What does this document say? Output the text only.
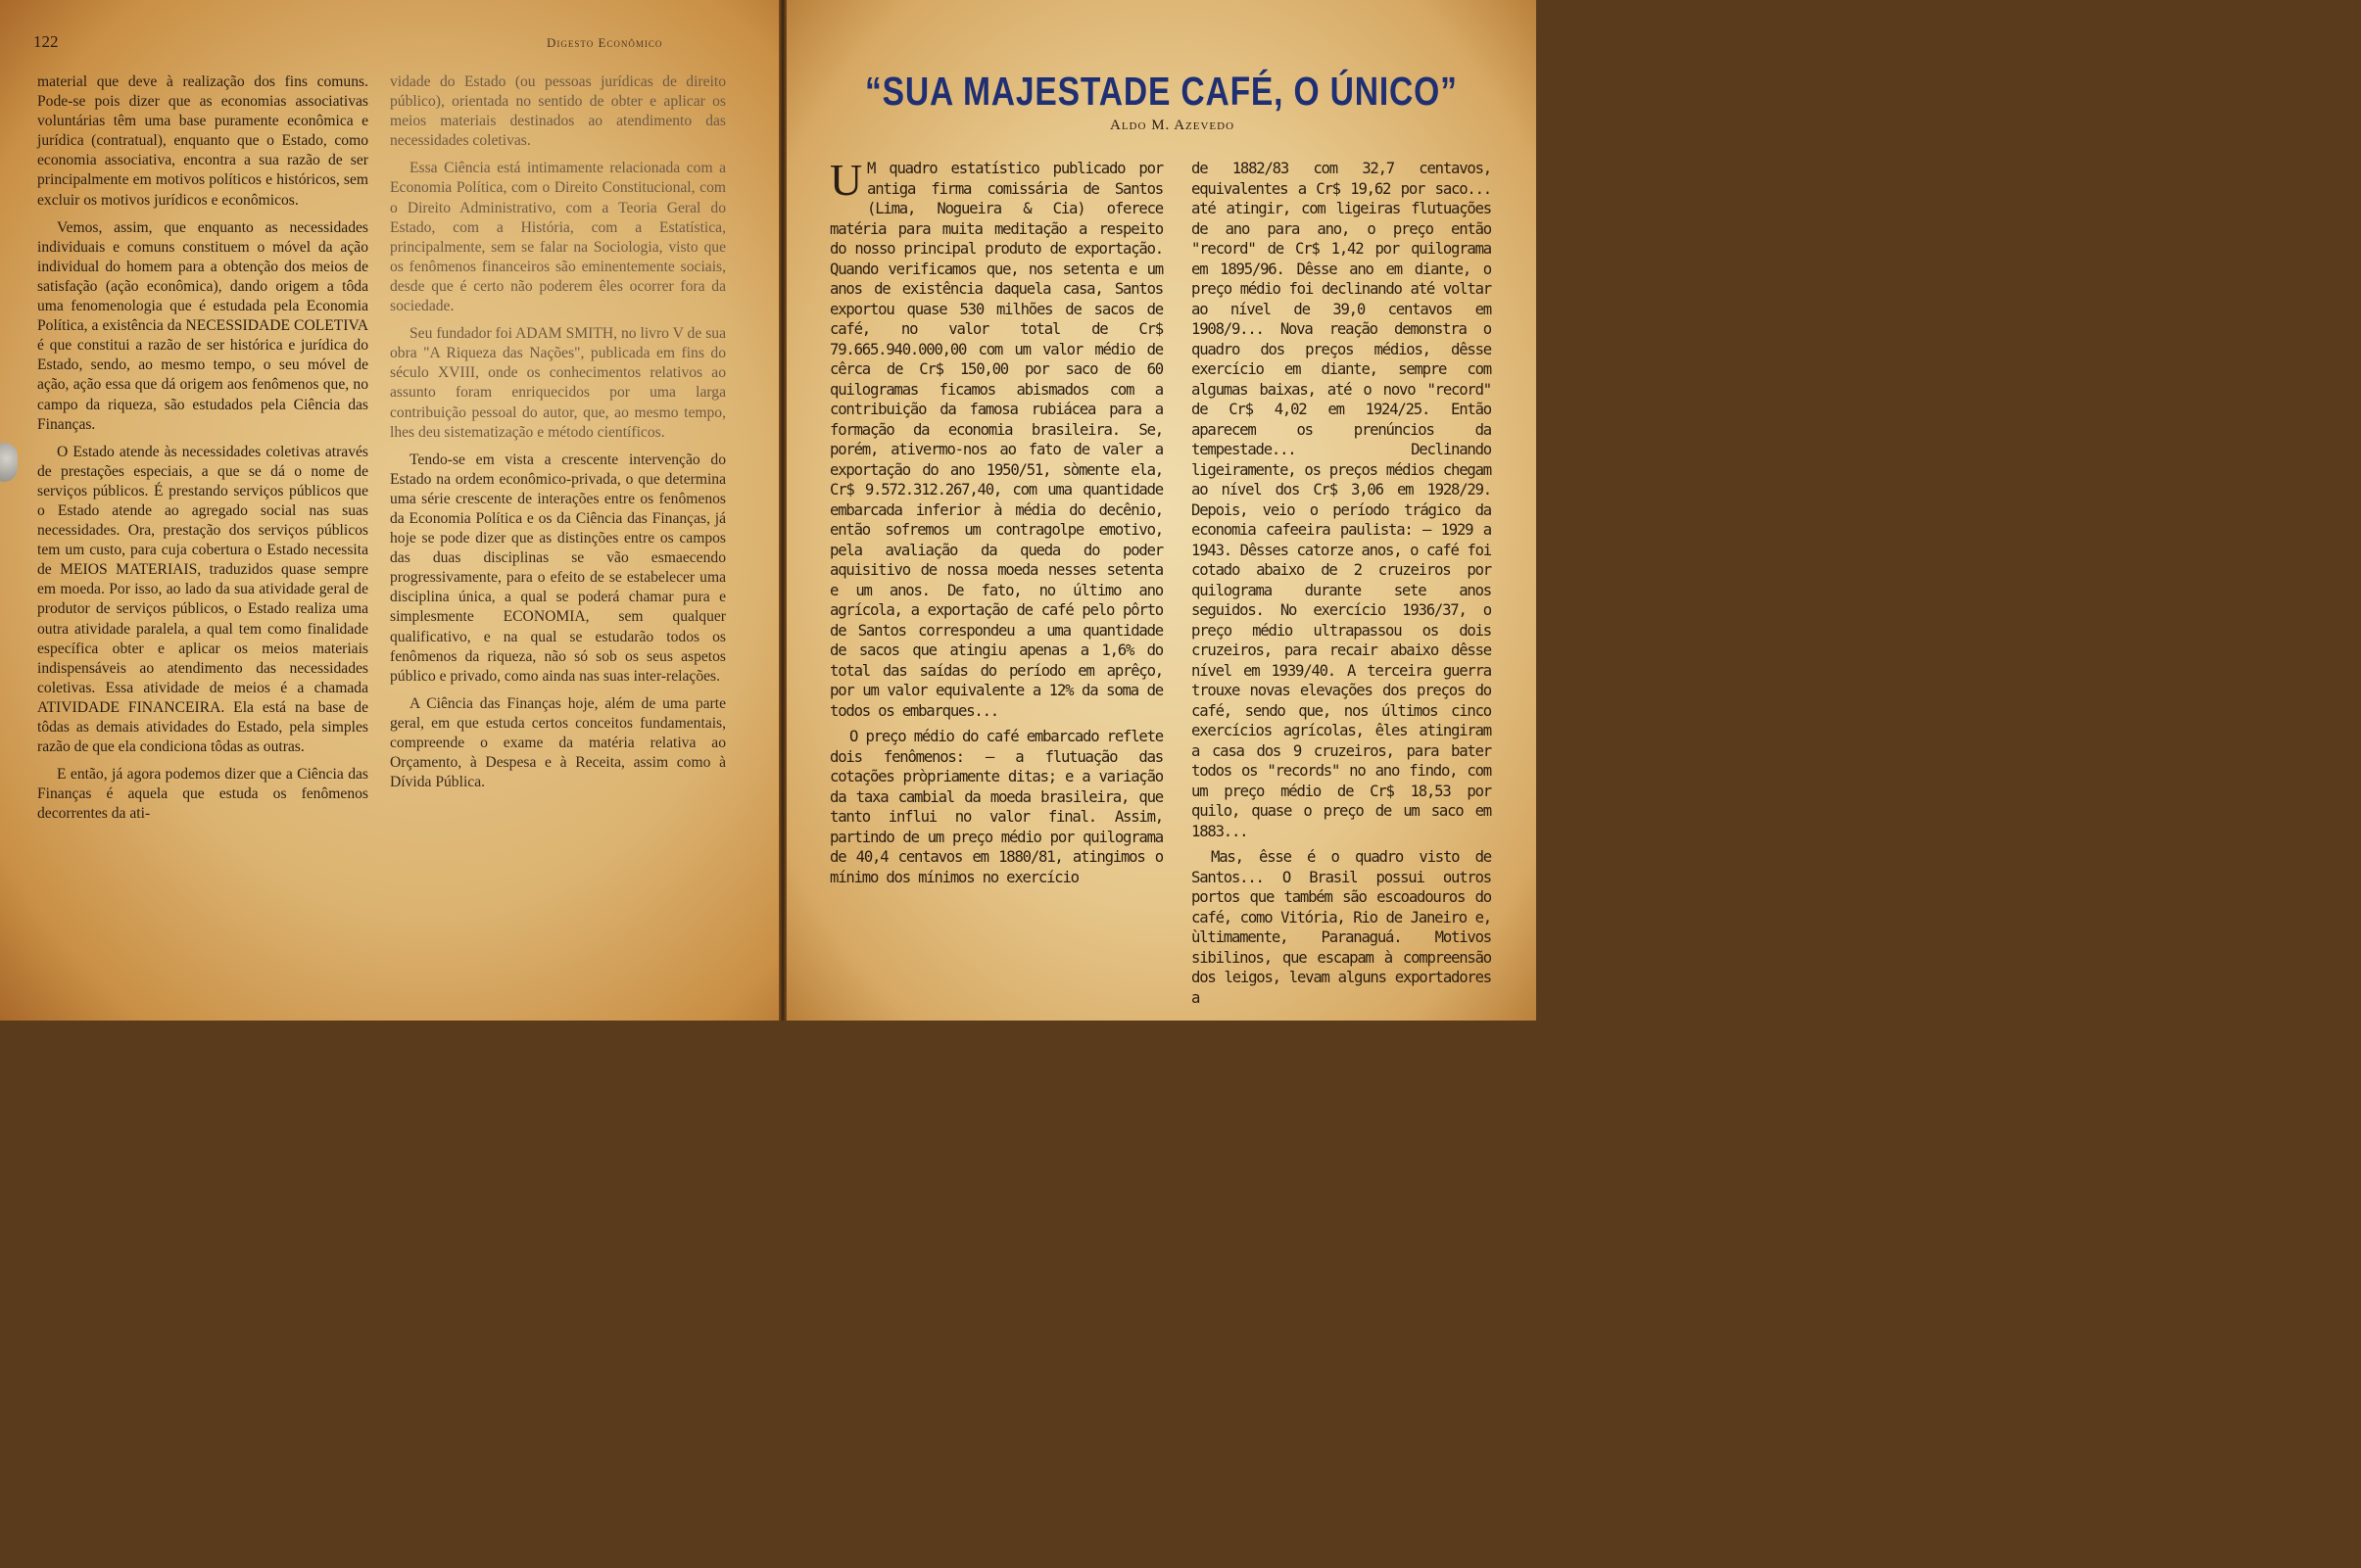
122	Digesto Econômico

material que deve à realização dos fins comuns. Pode-se pois dizer que as economias associativas voluntárias têm uma base puramente econômica e jurídica (contratual), enquanto que o Estado, como economia associativa, encontra a sua razão de ser principalmente em motivos políticos e históricos, sem excluir os motivos jurídicos e econômicos.

Vemos, assim, que enquanto as necessidades individuais e comuns constituem o móvel da ação individual do homem para a obtenção dos meios de satisfação (ação econômica), dando origem a tôda uma fenomenologia que é estudada pela Economia Política, a existência da NECESSIDADE COLETIVA é que constitui a razão de ser histórica e jurídica do Estado, sendo, ao mesmo tempo, o seu móvel de ação, ação essa que dá origem aos fenômenos que, no campo da riqueza, são estudados pela Ciência das Finanças.

O Estado atende às necessidades coletivas através de prestações especiais, a que se dá o nome de serviços públicos. É prestando serviços públicos que o Estado atende ao agregado social nas suas necessidades. Ora, prestação dos serviços públicos tem um custo, para cuja cobertura o Estado necessita de MEIOS MATERIAIS, traduzidos quase sempre em moeda. Por isso, ao lado da sua atividade geral de produtor de serviços públicos, o Estado realiza uma outra atividade paralela, a qual tem como finalidade específica obter e aplicar os meios materiais indispensáveis ao atendimento das necessidades coletivas. Essa atividade de meios é a chamada ATIVIDADE FINANCEIRA. Ela está na base de tôdas as demais atividades do Estado, pela simples razão de que ela condiciona tôdas as outras.

E então, já agora podemos dizer que a Ciência das Finanças é aquela que estuda os fenômenos decorrentes da ati-

vidade do Estado (ou pessoas jurídicas de direito público), orientada no sentido de obter e aplicar os meios materiais destinados ao atendimento das necessidades coletivas.

Essa Ciência está intimamente relacionada com a Economia Política, com o Direito Constitucional, com o Direito Administrativo, com a Teoria Geral do Estado, com a História, com a Estatística, principalmente, sem se falar na Sociologia, visto que os fenômenos financeiros são eminentemente sociais, desde que é certo não poderem êles ocorrer fora da sociedade.

Seu fundador foi ADAM SMITH, no livro V de sua obra "A Riqueza das Nações", publicada em fins do século XVIII, onde os conhecimentos relativos ao assunto foram enriquecidos por uma larga contribuição pessoal do autor, que, ao mesmo tempo, lhes deu sistematização e método científicos.

Tendo-se em vista a crescente intervenção do Estado na ordem econômico-privada, o que determina uma série crescente de interações entre os fenômenos da Economia Política e os da Ciência das Finanças, já hoje se pode dizer que as distinções entre os campos das duas disciplinas se vão esmaecendo progressivamente, para o efeito de se estabelecer uma disciplina única, a qual se poderá chamar pura e simplesmente ECONOMIA, sem qualquer qualificativo, e na qual se estudarão todos os fenômenos da riqueza, não só sob os seus aspetos público e privado, como ainda nas suas inter-relações.

A Ciência das Finanças hoje, além de uma parte geral, em que estuda certos conceitos fundamentais, compreende o exame da matéria relativa ao Orçamento, à Despesa e à Receita, assim como à Dívida Pública.

“SUA MAJESTADE CAFÉ, O ÚNICO”
Aldo M. Azevedo

U M quadro estatístico publicado por antiga firma comissária de Santos (Lima, Nogueira & Cia) oferece matéria para muita meditação a respeito do nosso principal produto de exportação. Quando verificamos que, nos setenta e um anos de existência daquela casa, Santos exportou quase 530 milhões de sacos de café, no valor total de Cr$ 79.665.940.000,00 com um valor médio de cêrca de Cr$ 150,00 por saco de 60 quilogramas ficamos abismados com a contribuição da famosa rubiácea para a formação da economia brasileira. Se, porém, ativermo-nos ao fato de valer a exportação do ano 1950/51, sòmente ela, Cr$ 9.572.312.267,40, com uma quantidade embarcada inferior à média do decênio, então sofremos um contragolpe emotivo, pela avaliação da queda do poder aquisitivo de nossa moeda nesses setenta e um anos. De fato, no último ano agrícola, a exportação de café pelo pôrto de Santos correspondeu a uma quantidade de sacos que atingiu apenas a 1,6% do total das saídas do período em aprêço, por um valor equivalente a 12% da soma de todos os embarques...

O preço médio do café embarcado reflete dois fenômenos: — a flutuação das cotações pròpriamente ditas; e a variação da taxa cambial da moeda brasileira, que tanto influi no valor final. Assim, partindo de um preço médio por quilograma de 40,4 centavos em 1880/81, atingimos o mínimo dos mínimos no exercício

de 1882/83 com 32,7 centavos, equivalentes a Cr$ 19,62 por saco... até atingir, com ligeiras flutuações de ano para ano, o preço então "record" de Cr$ 1,42 por quilograma em 1895/96. Dêsse ano em diante, o preço médio foi declinando até voltar ao nível de 39,0 centavos em 1908/9... Nova reação demonstra o quadro dos preços médios, dêsse exercício em diante, sempre com algumas baixas, até o novo "record" de Cr$ 4,02 em 1924/25. Então aparecem os prenúncios da tempestade... Declinando ligeiramente, os preços médios chegam ao nível dos Cr$ 3,06 em 1928/29. Depois, veio o período trágico da economia cafeeira paulista: — 1929 a 1943. Dêsses catorze anos, o café foi cotado abaixo de 2 cruzeiros por quilograma durante sete anos seguidos. No exercício 1936/37, o preço médio ultrapassou os dois cruzeiros, para recair abaixo dêsse nível em 1939/40. A terceira guerra trouxe novas elevações dos preços do café, sendo que, nos últimos cinco exercícios agrícolas, êles atingiram a casa dos 9 cruzeiros, para bater todos os "records" no ano findo, com um preço médio de Cr$ 18,53 por quilo, quase o preço de um saco em 1883...

Mas, êsse é o quadro visto de Santos... O Brasil possui outros portos que também são escoadouros do café, como Vitória, Rio de Janeiro e, ùltimamente, Paranaguá. Motivos sibilinos, que escapam à compreensão dos leigos, levam alguns exportadores a
